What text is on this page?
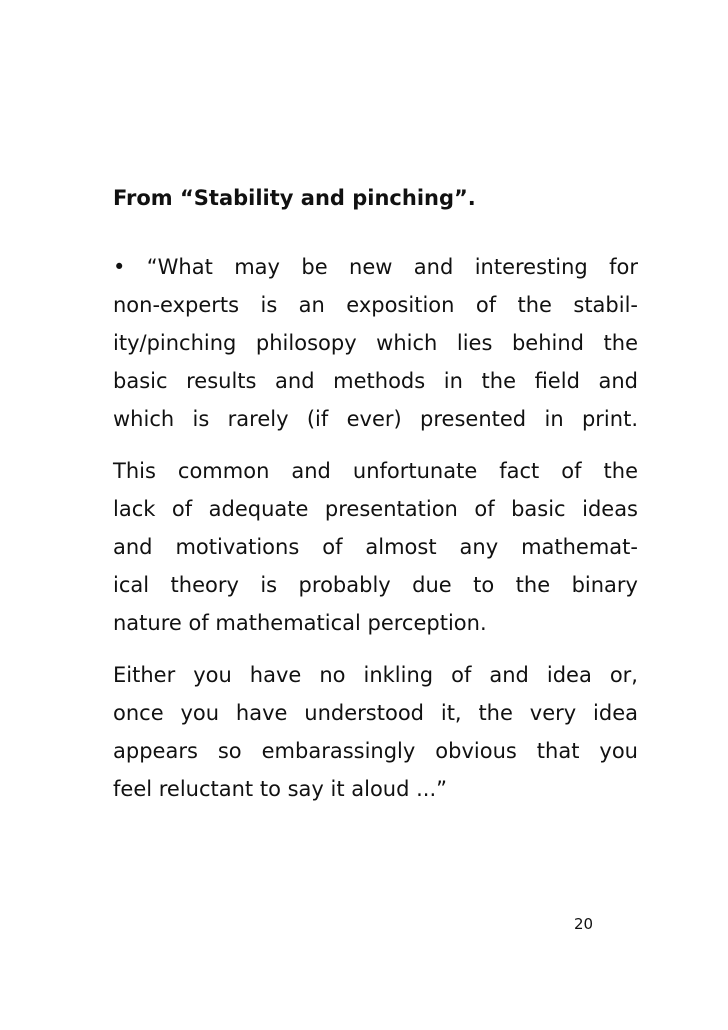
From “Stability and pinching”.
• “What may be new and interesting for
non-experts is an exposition of the stabil-
ity/pinching philosopy which lies behind the
basic results and methods in the field and
which is rarely (if ever) presented in print.
This common and unfortunate fact of the
lack of adequate presentation of basic ideas
and motivations of almost any mathemat-
ical theory is probably due to the binary
nature of mathematical perception.
Either you have no inkling of and idea or,
once you have understood it, the very idea
appears so embarassingly obvious that you
feel reluctant to say it aloud ...”
20
